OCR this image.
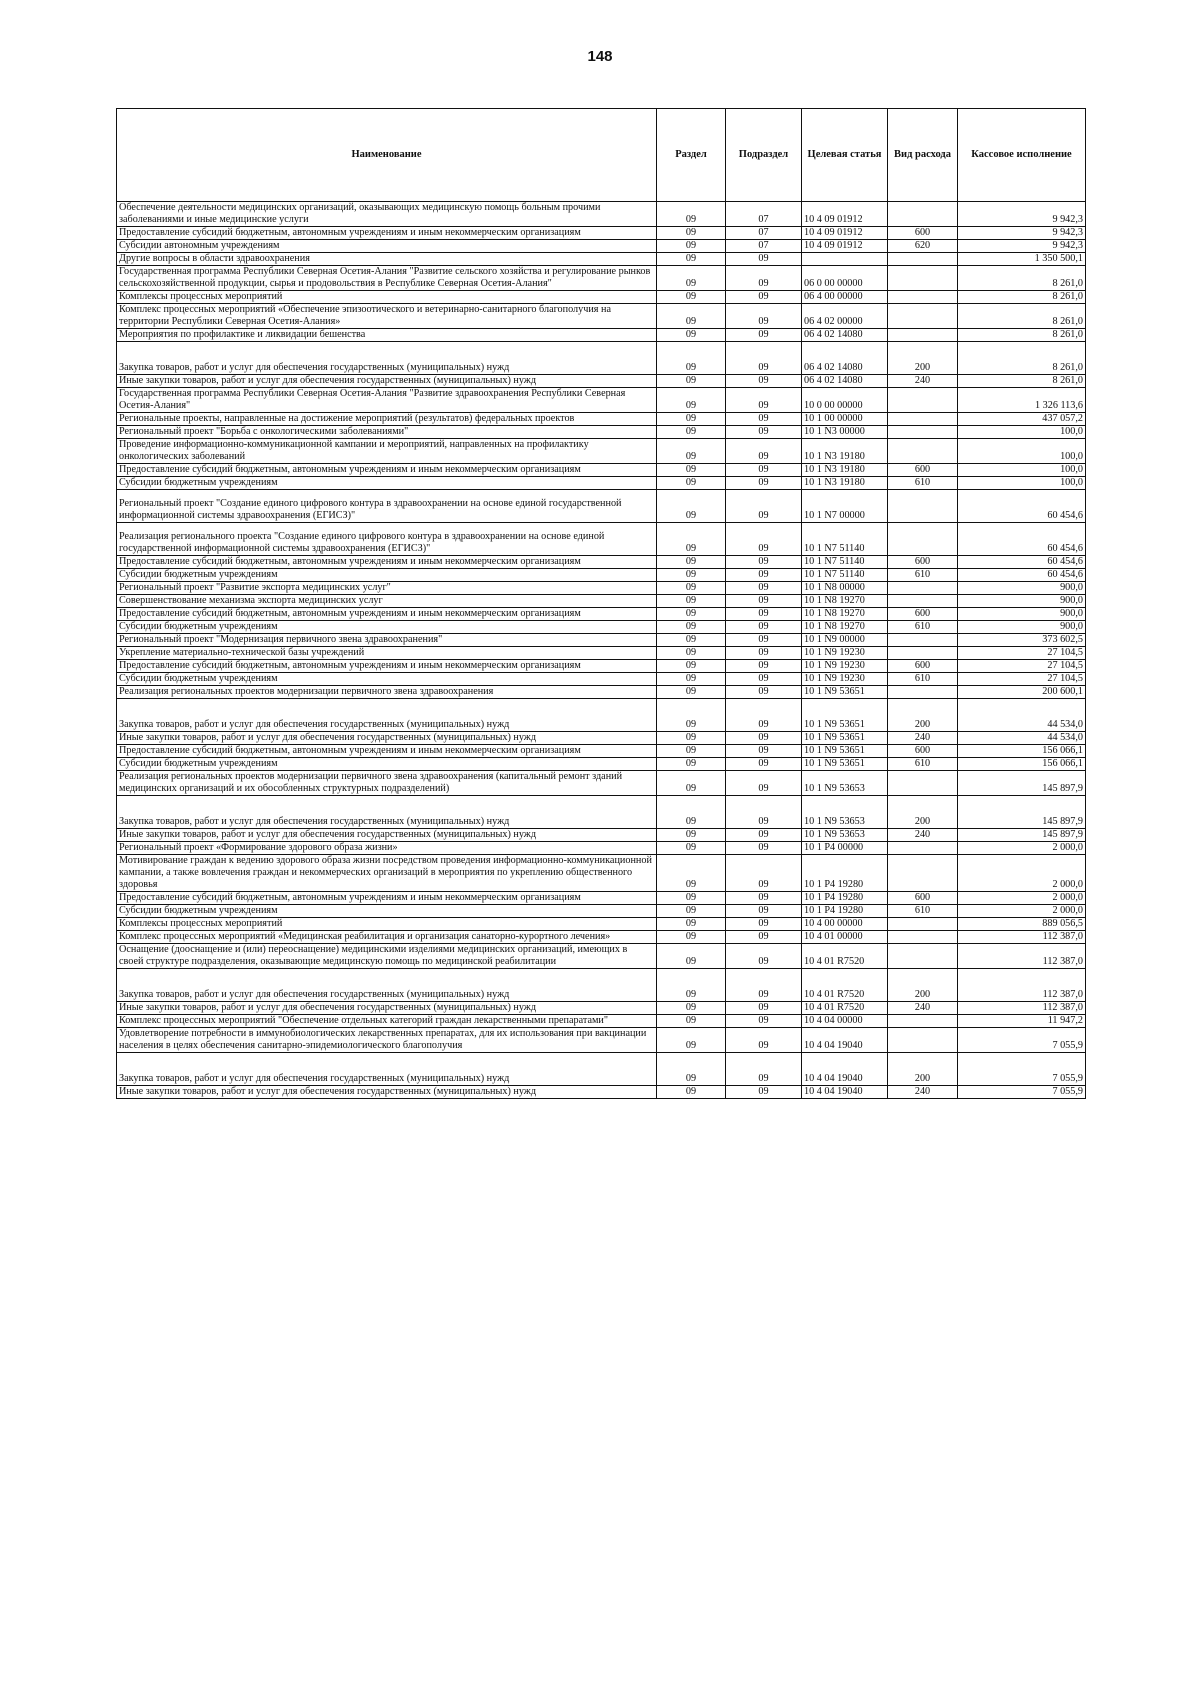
148
Наименование	Раздел	Подраздел	Целевая статья	Вид расхода	Кассовое исполнение
Обеспечение деятельности медицинских организаций, оказывающих медицинскую помощь больным прочими заболеваниями и иные медицинские услуги	09	07	10 4 09 01912		9 942,3
Предоставление субсидий бюджетным, автономным учреждениям и иным некоммерческим организациям	09	07	10 4 09 01912	600	9 942,3
Субсидии автономным учреждениям	09	07	10 4 09 01912	620	9 942,3
Другие вопросы в области здравоохранения	09	09			1 350 500,1
Государственная программа Республики Северная Осетия-Алания "Развитие сельского хозяйства и регулирование рынков сельскохозяйственной продукции, сырья и продовольствия в Республике Северная Осетия-Алания"	09	09	06 0 00 00000		8 261,0
Комплексы процессных мероприятий	09	09	06 4 00 00000		8 261,0
Комплекс процессных мероприятий «Обеспечение эпизоотического и ветеринарно-санитарного благополучия на территории Республики Северная Осетия-Алания»	09	09	06 4 02 00000		8 261,0
Мероприятия по профилактике и ликвидации бешенства	09	09	06 4 02 14080		8 261,0
Закупка товаров, работ и услуг для обеспечения государственных (муниципальных) нужд	09	09	06 4 02 14080	200	8 261,0
Иные закупки товаров, работ и услуг для обеспечения государственных (муниципальных) нужд	09	09	06 4 02 14080	240	8 261,0
Государственная программа Республики Северная Осетия-Алания "Развитие здравоохранения Республики Северная Осетия-Алания"	09	09	10 0 00 00000		1 326 113,6
Региональные проекты, направленные на достижение мероприятий (результатов) федеральных проектов	09	09	10 1 00 00000		437 057,2
Региональный проект "Борьба с онкологическими заболеваниями"	09	09	10 1 N3 00000		100,0
Проведение информационно-коммуникационной кампании и мероприятий, направленных на профилактику онкологических заболеваний	09	09	10 1 N3 19180		100,0
Предоставление субсидий бюджетным, автономным учреждениям и иным некоммерческим организациям	09	09	10 1 N3 19180	600	100,0
Субсидии бюджетным учреждениям	09	09	10 1 N3 19180	610	100,0
Региональный проект "Создание единого цифрового контура в здравоохранении на основе единой государственной информационной системы здравоохранения (ЕГИСЗ)"	09	09	10 1 N7 00000		60 454,6
Реализация регионального проекта "Создание единого цифрового контура в здравоохранении на основе единой государственной информационной системы здравоохранения (ЕГИСЗ)"	09	09	10 1 N7 51140		60 454,6
Предоставление субсидий бюджетным, автономным учреждениям и иным некоммерческим организациям	09	09	10 1 N7 51140	600	60 454,6
Субсидии бюджетным учреждениям	09	09	10 1 N7 51140	610	60 454,6
Региональный проект "Развитие экспорта медицинских услуг"	09	09	10 1 N8 00000		900,0
Совершенствование механизма экспорта медицинских услуг	09	09	10 1 N8 19270		900,0
Предоставление субсидий бюджетным, автономным учреждениям и иным некоммерческим организациям	09	09	10 1 N8 19270	600	900,0
Субсидии бюджетным учреждениям	09	09	10 1 N8 19270	610	900,0
Региональный проект "Модернизация первичного звена здравоохранения"	09	09	10 1 N9 00000		373 602,5
Укрепление материально-технической базы учреждений	09	09	10 1 N9 19230		27 104,5
Предоставление субсидий бюджетным, автономным учреждениям и иным некоммерческим организациям	09	09	10 1 N9 19230	600	27 104,5
Субсидии бюджетным учреждениям	09	09	10 1 N9 19230	610	27 104,5
Реализация региональных проектов модернизации первичного звена здравоохранения	09	09	10 1 N9 53651		200 600,1
Закупка товаров, работ и услуг для обеспечения государственных (муниципальных) нужд	09	09	10 1 N9 53651	200	44 534,0
Иные закупки товаров, работ и услуг для обеспечения государственных (муниципальных) нужд	09	09	10 1 N9 53651	240	44 534,0
Предоставление субсидий бюджетным, автономным учреждениям и иным некоммерческим организациям	09	09	10 1 N9 53651	600	156 066,1
Субсидии бюджетным учреждениям	09	09	10 1 N9 53651	610	156 066,1
Реализация региональных проектов модернизации первичного звена здравоохранения (капитальный ремонт зданий медицинских организаций и их обособленных структурных подразделений)	09	09	10 1 N9 53653		145 897,9
Закупка товаров, работ и услуг для обеспечения государственных (муниципальных) нужд	09	09	10 1 N9 53653	200	145 897,9
Иные закупки товаров, работ и услуг для обеспечения государственных (муниципальных) нужд	09	09	10 1 N9 53653	240	145 897,9
Региональный проект «Формирование здорового образа жизни»	09	09	10 1 P4 00000		2 000,0
Мотивирование граждан к ведению здорового образа жизни посредством проведения информационно-коммуникационной кампании, а также вовлечения граждан и некоммерческих организаций в мероприятия по укреплению общественного здоровья	09	09	10 1 P4 19280		2 000,0
Предоставление субсидий бюджетным, автономным учреждениям и иным некоммерческим организациям	09	09	10 1 P4 19280	600	2 000,0
Субсидии бюджетным учреждениям	09	09	10 1 P4 19280	610	2 000,0
Комплексы процессных мероприятий	09	09	10 4 00 00000		889 056,5
Комплекс процессных мероприятий «Медицинская реабилитация и организация санаторно-курортного лечения»	09	09	10 4 01 00000		112 387,0
Оснащение (дооснащение и (или) переоснащение) медицинскими изделиями медицинских организаций, имеющих в своей структуре подразделения, оказывающие медицинскую помощь по медицинской реабилитации	09	09	10 4 01 R7520		112 387,0
Закупка товаров, работ и услуг для обеспечения государственных (муниципальных) нужд	09	09	10 4 01 R7520	200	112 387,0
Иные закупки товаров, работ и услуг для обеспечения государственных (муниципальных) нужд	09	09	10 4 01 R7520	240	112 387,0
Комплекс процессных мероприятий "Обеспечение отдельных категорий граждан лекарственными препаратами"	09	09	10 4 04 00000		11 947,2
Удовлетворение потребности в иммунобиологических лекарственных препаратах, для их использования при вакцинации населения в целях обеспечения санитарно-эпидемиологического благополучия	09	09	10 4 04 19040		7 055,9
Закупка товаров, работ и услуг для обеспечения государственных (муниципальных) нужд	09	09	10 4 04 19040	200	7 055,9
Иные закупки товаров, работ и услуг для обеспечения государственных (муниципальных) нужд	09	09	10 4 04 19040	240	7 055,9
